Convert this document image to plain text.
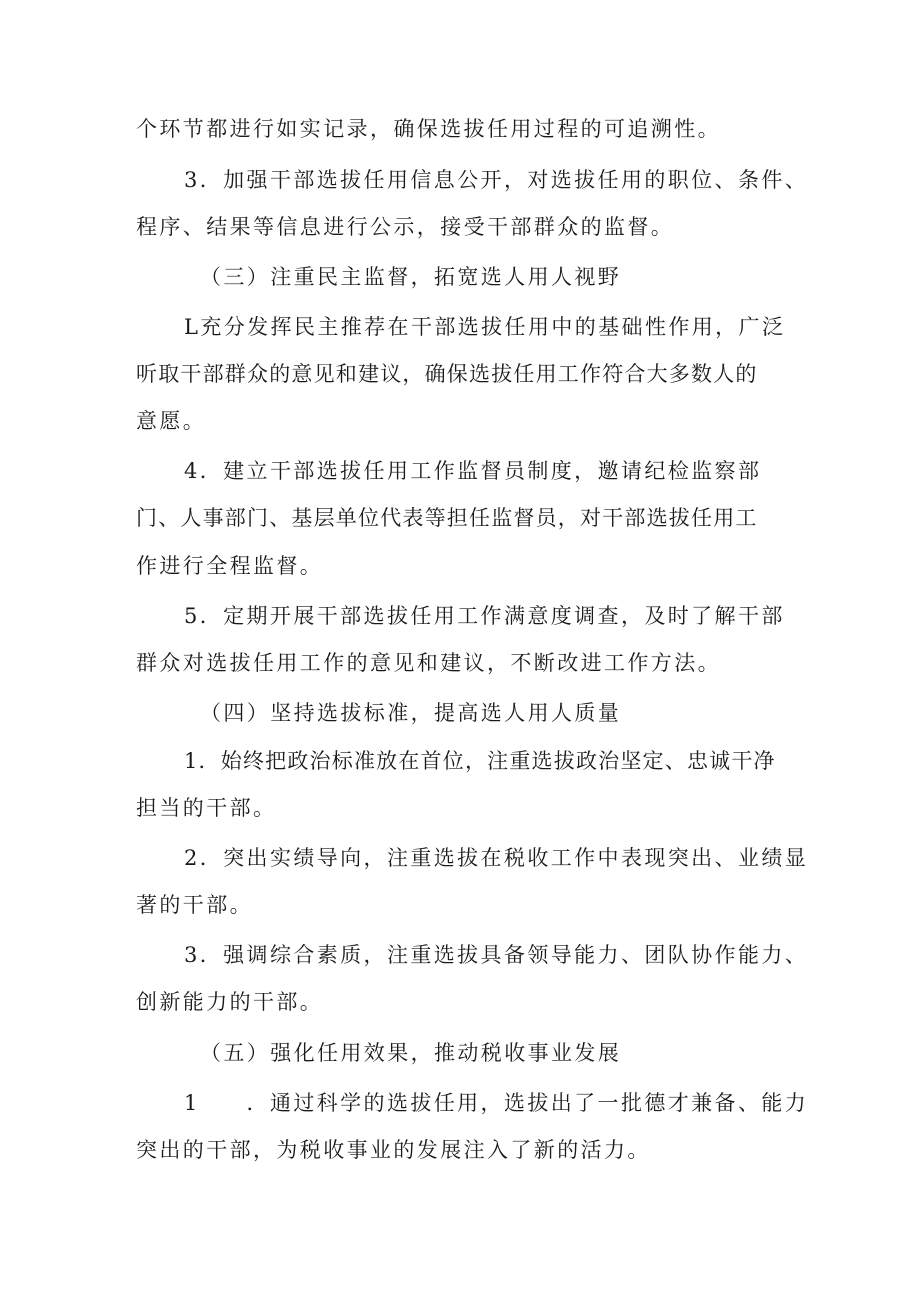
个环节都进行如实记录，确保选拔任用过程的可追溯性。
3．加强干部选拔任用信息公开，对选拔任用的职位、条件、
程序、结果等信息进行公示，接受干部群众的监督。
（三）注重民主监督，拓宽选人用人视野
L充分发挥民主推荐在干部选拔任用中的基础性作用，广泛
听取干部群众的意见和建议，确保选拔任用工作符合大多数人的
意愿。
4．建立干部选拔任用工作监督员制度，邀请纪检监察部
门、人事部门、基层单位代表等担任监督员，对干部选拔任用工
作进行全程监督。
5．定期开展干部选拔任用工作满意度调查，及时了解干部
群众对选拔任用工作的意见和建议，不断改进工作方法。
（四）坚持选拔标准，提高选人用人质量
1．始终把政治标准放在首位，注重选拔政治坚定、忠诚干净
担当的干部。
2．突出实绩导向，注重选拔在税收工作中表现突出、业绩显
著的干部。
3．强调综合素质，注重选拔具备领导能力、团队协作能力、
创新能力的干部。
（五）强化任用效果，推动税收事业发展
1　　．通过科学的选拔任用，选拔出了一批德才兼备、能力
突出的干部，为税收事业的发展注入了新的活力。
